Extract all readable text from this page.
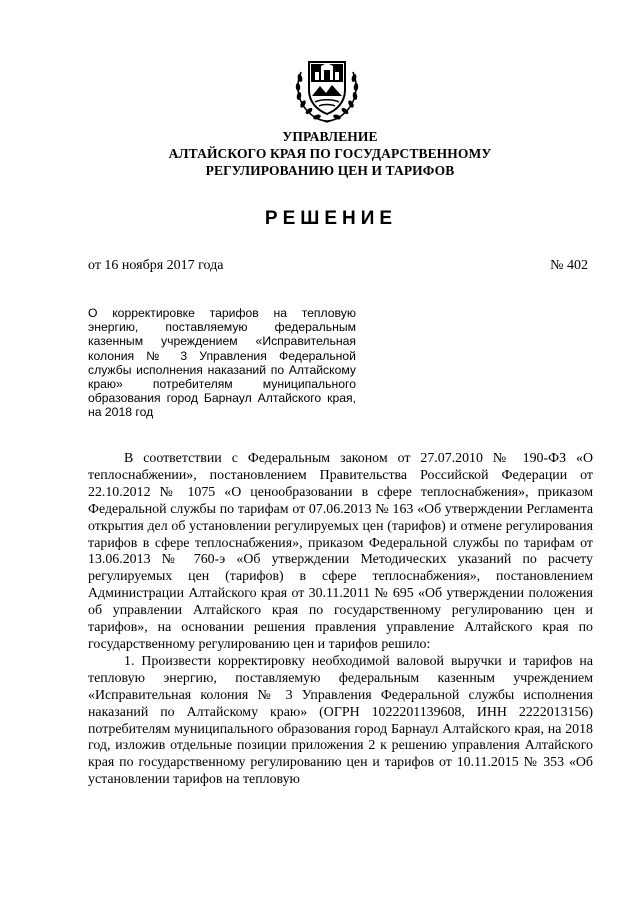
УПРАВЛЕНИЕ
АЛТАЙСКОГО КРАЯ ПО ГОСУДАРСТВЕННОМУ
РЕГУЛИРОВАНИЮ ЦЕН И ТАРИФОВ
РЕШЕНИЕ
от 16 ноября 2017 года	№ 402
О корректировке тарифов на тепловую энергию, поставляемую федеральным казенным учреждением «Исправительная колония № 3 Управления Федеральной службы исполнения наказаний по Алтайскому краю» потребителям муниципального образования город Барнаул Алтайского края, на 2018 год

В соответствии с Федеральным законом от 27.07.2010 № 190-ФЗ «О теплоснабжении», постановлением Правительства Российской Федерации от 22.10.2012 № 1075 «О ценообразовании в сфере теплоснабжения», приказом Федеральной службы по тарифам от 07.06.2013 № 163 «Об утверждении Регламента открытия дел об установлении регулируемых цен (тарифов) и отмене регулирования тарифов в сфере теплоснабжения», приказом Федеральной службы по тарифам от 13.06.2013 № 760-э «Об утверждении Методических указаний по расчету регулируемых цен (тарифов) в сфере теплоснабжения», постановлением Администрации Алтайского края от 30.11.2011 № 695 «Об утверждении положения об управлении Алтайского края по государственному регулированию цен и тарифов», на основании решения правления управление Алтайского края по государственному регулированию цен и тарифов решило:

1. Произвести корректировку необходимой валовой выручки и тарифов на тепловую энергию, поставляемую федеральным казенным учреждением «Исправительная колония № 3 Управления Федеральной службы исполнения наказаний по Алтайскому краю» (ОГРН 1022201139608, ИНН 2222013156) потребителям муниципального образования город Барнаул Алтайского края, на 2018 год, изложив отдельные позиции приложения 2 к решению управления Алтайского края по государственному регулированию цен и тарифов от 10.11.2015 № 353 «Об установлении тарифов на тепловую
